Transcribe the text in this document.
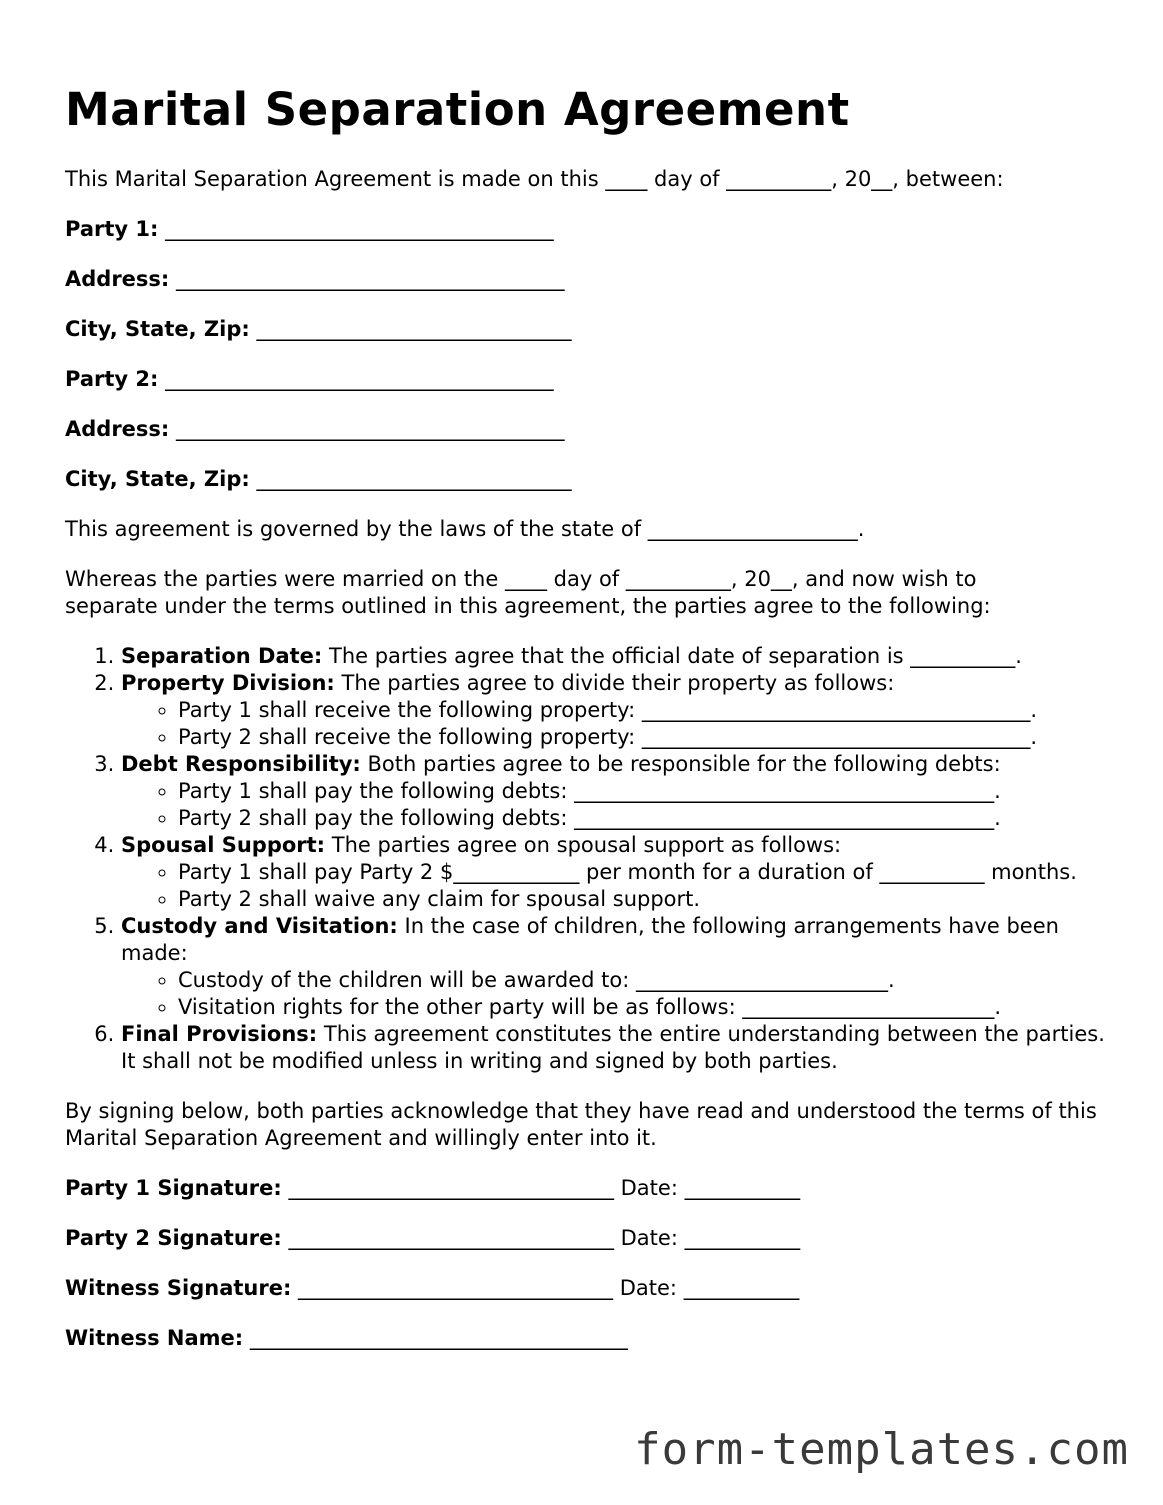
Marital Separation Agreement

This Marital Separation Agreement is made on this ____ day of __________, 20__, between:

Party 1: _____________________________________

Address: _____________________________________

City, State, Zip: ______________________________

Party 2: _____________________________________

Address: _____________________________________

City, State, Zip: ______________________________

This agreement is governed by the laws of the state of ____________________.

Whereas the parties were married on the ____ day of __________, 20__, and now wish to
separate under the terms outlined in this agreement, the parties agree to the following:

1. Separation Date: The parties agree that the official date of separation is __________.
2. Property Division: The parties agree to divide their property as follows:
◦ Party 1 shall receive the following property: _____________________________________.
◦ Party 2 shall receive the following property: _____________________________________.
3. Debt Responsibility: Both parties agree to be responsible for the following debts:
◦ Party 1 shall pay the following debts: ________________________________________.
◦ Party 2 shall pay the following debts: ________________________________________.
4. Spousal Support: The parties agree on spousal support as follows:
◦ Party 1 shall pay Party 2 $____________ per month for a duration of __________ months.
◦ Party 2 shall waive any claim for spousal support.
5. Custody and Visitation: In the case of children, the following arrangements have been made:
◦ Custody of the children will be awarded to: ________________________.
◦ Visitation rights for the other party will be as follows: ________________________.
6. Final Provisions: This agreement constitutes the entire understanding between the parties. It shall not be modified unless in writing and signed by both parties.

By signing below, both parties acknowledge that they have read and understood the terms of this Marital Separation Agreement and willingly enter into it.

Party 1 Signature: _______________________________ Date: ___________

Party 2 Signature: _______________________________ Date: ___________

Witness Signature: ______________________________ Date: ___________

Witness Name: ____________________________________

form-templates.com
